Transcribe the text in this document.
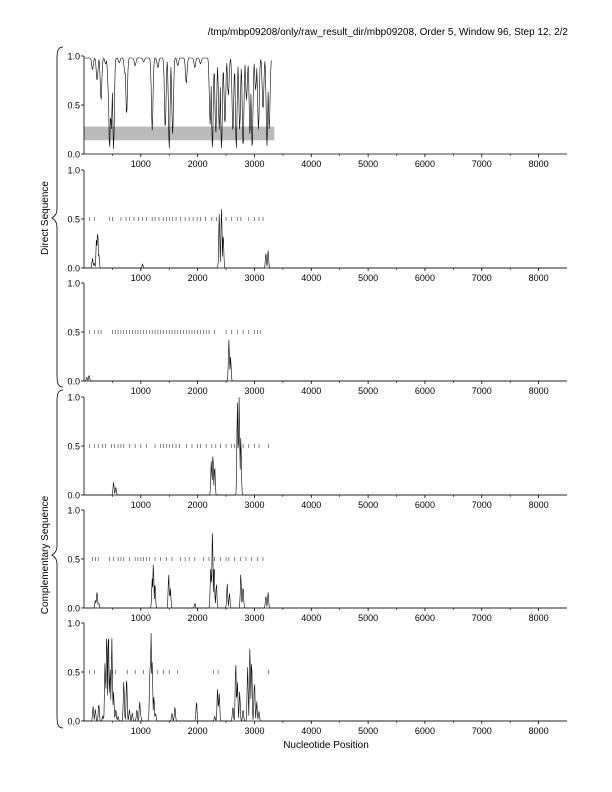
/tmp/mbp09208/only/raw_result_dir/mbp09208, Order 5, Window 96, Step 12, 2/2
0.0
0.5
1.0
1000	2000	3000	4000	5000	6000	7000	8000
0.0
0.5
1.0
1000	2000	3000	4000	5000	6000	7000	8000
0.0
0.5
1.0
1000	2000	3000	4000	5000	6000	7000	8000
0.0
0.5
1.0
1000	2000	3000	4000	5000	6000	7000	8000
0.0
0.5
1.0
1000	2000	3000	4000	5000	6000	7000	8000
0.0
0.5
1.0
1000	2000	3000	4000	5000	6000	7000	8000
Direct Sequence
Complementary Sequence
Nucleotide Position
